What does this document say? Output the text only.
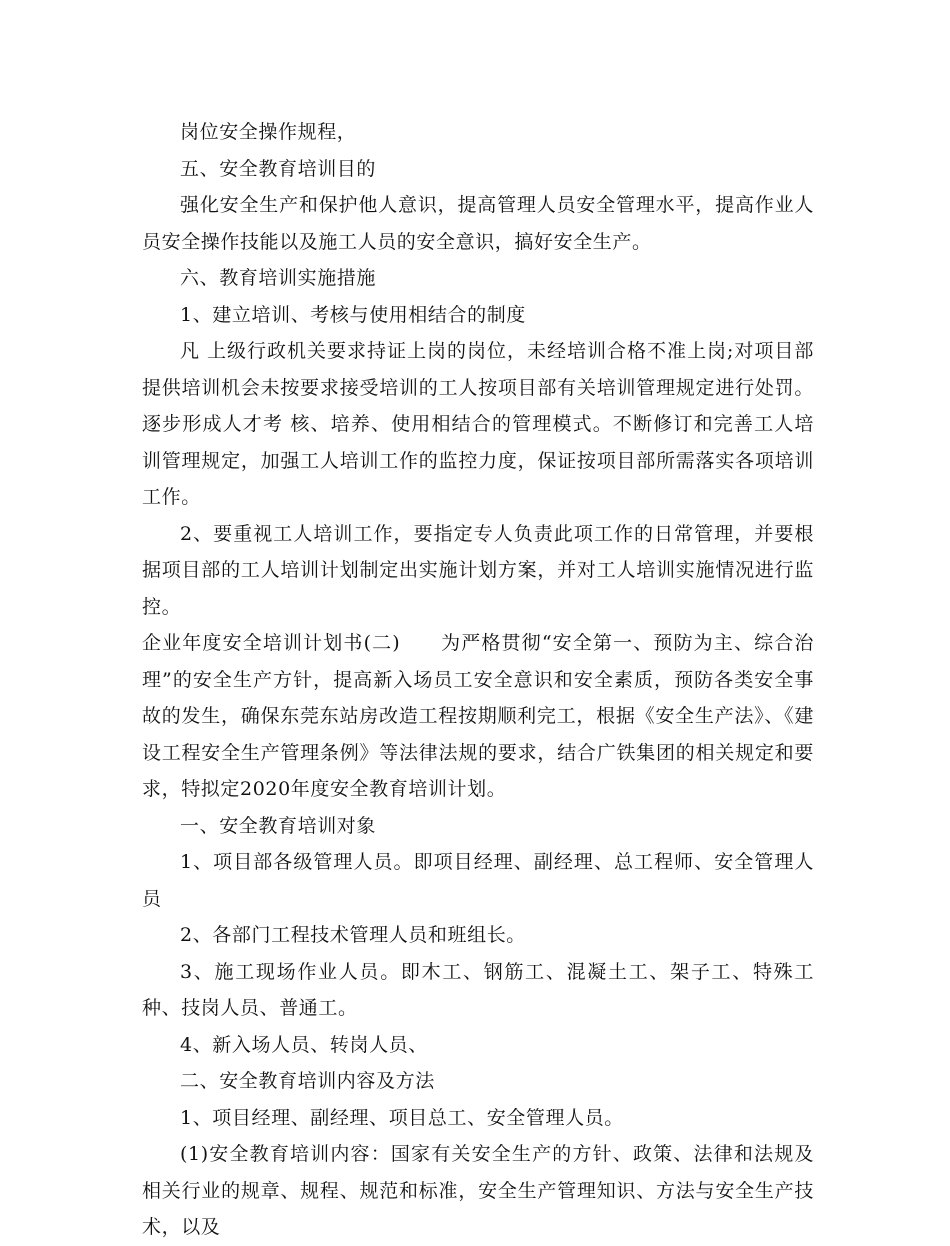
岗位安全操作规程，

五、安全教育培训目的

强化安全生产和保护他人意识，提高管理人员安全管理水平，提高作业人员安全操作技能以及施工人员的安全意识，搞好安全生产。

六、教育培训实施措施

1、建立培训、考核与使用相结合的制度

凡 上级行政机关要求持证上岗的岗位，未经培训合格不准上岗;对项目部提供培训机会未按要求接受培训的工人按项目部有关培训管理规定进行处罚。逐步形成人才考 核、培养、使用相结合的管理模式。不断修订和完善工人培训管理规定，加强工人培训工作的监控力度，保证按项目部所需落实各项培训工作。

2、要重视工人培训工作，要指定专人负责此项工作的日常管理，并要根据项目部的工人培训计划制定出实施计划方案，并对工人培训实施情况进行监控。

企业年度安全培训计划书(二)　　为严格贯彻“安全第一、预防为主、综合治理”的安全生产方针，提高新入场员工安全意识和安全素质，预防各类安全事故的发生，确保东莞东站房改造工程按期顺利完工，根据《安全生产法》、《建设工程安全生产管理条例》等法律法规的要求，结合广铁集团的相关规定和要求，特拟定2020年度安全教育培训计划。

一、安全教育培训对象

1、项目部各级管理人员。即项目经理、副经理、总工程师、安全管理人员

2、各部门工程技术管理人员和班组长。

3、施工现场作业人员。即木工、钢筋工、混凝土工、架子工、特殊工种、技岗人员、普通工。

4、新入场人员、转岗人员、

二、安全教育培训内容及方法

1、项目经理、副经理、项目总工、安全管理人员。

(1)安全教育培训内容：国家有关安全生产的方针、政策、法律和法规及相关行业的规章、规程、规范和标准，安全生产管理知识、方法与安全生产技术，以及
